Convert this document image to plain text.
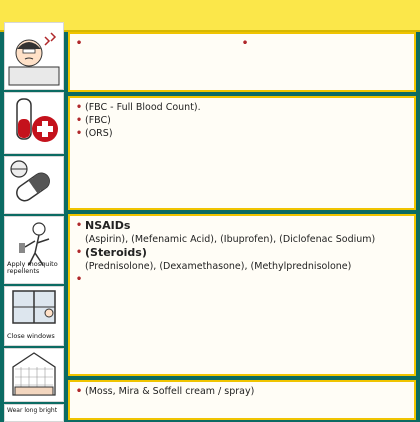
Apply mosquito repellents
Close windows
Wear long bright
• (FBC - Full Blood Count).
• (FBC)
• (ORS)
• NSAIDs
(Aspirin), (Mefenamic Acid), (Ibuprofen), (Diclofenac Sodium)
• (Steroids)
(Prednisolone), (Dexamethasone), (Methylprednisolone)
• (Moss, Mira & Soffell cream / spray)
